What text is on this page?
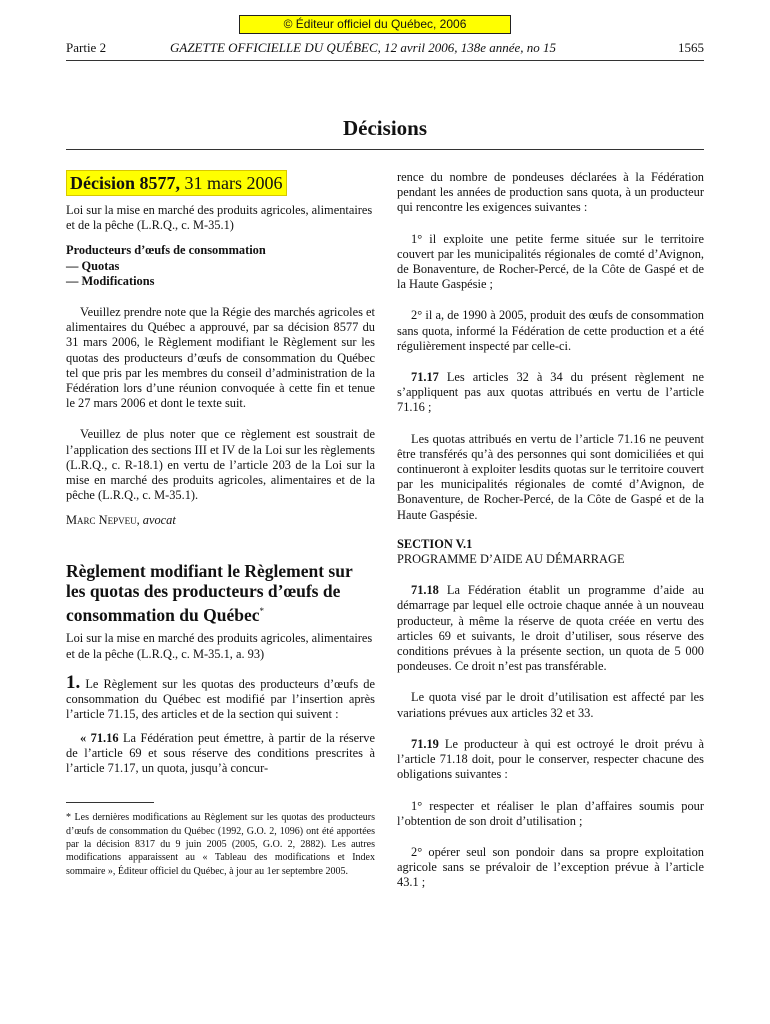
© Éditeur officiel du Québec, 2006
Partie 2	GAZETTE OFFICIELLE DU QUÉBEC, 12 avril 2006, 138e année, no 15	1565
Décisions
Décision 8577, 31 mars 2006

Loi sur la mise en marché des produits agricoles, alimentaires et de la pêche (L.R.Q., c. M-35.1)

Producteurs d’œufs de consommation
— Quotas
— Modifications

Veuillez prendre note que la Régie des marchés agricoles et alimentaires du Québec a approuvé, par sa décision 8577 du 31 mars 2006, le Règlement modifiant le Règlement sur les quotas des producteurs d’œufs de consommation du Québec tel que pris par les membres du conseil d’administration de la Fédération lors d’une réunion convoquée à cette fin et tenue le 27 mars 2006 et dont le texte suit.

Veuillez de plus noter que ce règlement est soustrait de l’application des sections III et IV de la Loi sur les règlements (L.R.Q., c. R-18.1) en vertu de l’article 203 de la Loi sur la mise en marché des produits agricoles, alimentaires et de la pêche (L.R.Q., c. M-35.1).

Marc Nepveu, avocat

Règlement modifiant le Règlement sur les quotas des producteurs d’œufs de consommation du Québec*

Loi sur la mise en marché des produits agricoles, alimentaires et de la pêche (L.R.Q., c. M-35.1, a. 93)

1. Le Règlement sur les quotas des producteurs d’œufs de consommation du Québec est modifié par l’insertion après l’article 71.15, des articles et de la section qui suivent :

« 71.16 La Fédération peut émettre, à partir de la réserve de l’article 69 et sous réserve des conditions prescrites à l’article 71.17, un quota, jusqu’à concur-

* Les dernières modifications au Règlement sur les quotas des producteurs d’œufs de consommation du Québec (1992, G.O. 2, 1096) ont été apportées par la décision 8317 du 9 juin 2005 (2005, G.O. 2, 2882). Les autres modifications apparaissent au « Tableau des modifications et Index sommaire », Éditeur officiel du Québec, à jour au 1er septembre 2005.

rence du nombre de pondeuses déclarées à la Fédération pendant les années de production sans quota, à un producteur qui rencontre les exigences suivantes :

1° il exploite une petite ferme située sur le territoire couvert par les municipalités régionales de comté d’Avignon, de Bonaventure, de Rocher-Percé, de la Côte de Gaspé et de la Haute Gaspésie ;

2° il a, de 1990 à 2005, produit des œufs de consommation sans quota, informé la Fédération de cette production et a été régulièrement inspecté par celle-ci.

71.17 Les articles 32 à 34 du présent règlement ne s’appliquent pas aux quotas attribués en vertu de l’article 71.16 ;

Les quotas attribués en vertu de l’article 71.16 ne peuvent être transférés qu’à des personnes qui sont domiciliées et qui continueront à exploiter lesdits quotas sur le territoire couvert par les municipalités régionales de comté d’Avignon, de Bonaventure, de Rocher-Percé, de la Côte de Gaspé et de la Haute Gaspésie.

SECTION V.1
PROGRAMME D’AIDE AU DÉMARRAGE

71.18 La Fédération établit un programme d’aide au démarrage par lequel elle octroie chaque année à un nouveau producteur, à même la réserve de quota créée en vertu des articles 69 et suivants, le droit d’utiliser, sous réserve des conditions prévues à la présente section, un quota de 5 000 pondeuses. Ce droit n’est pas transférable.

Le quota visé par le droit d’utilisation est affecté par les variations prévues aux articles 32 et 33.

71.19 Le producteur à qui est octroyé le droit prévu à l’article 71.18 doit, pour le conserver, respecter chacune des obligations suivantes :

1° respecter et réaliser le plan d’affaires soumis pour l’obtention de son droit d’utilisation ;

2° opérer seul son pondoir dans sa propre exploitation agricole sans se prévaloir de l’exception prévue à l’article 43.1 ;
